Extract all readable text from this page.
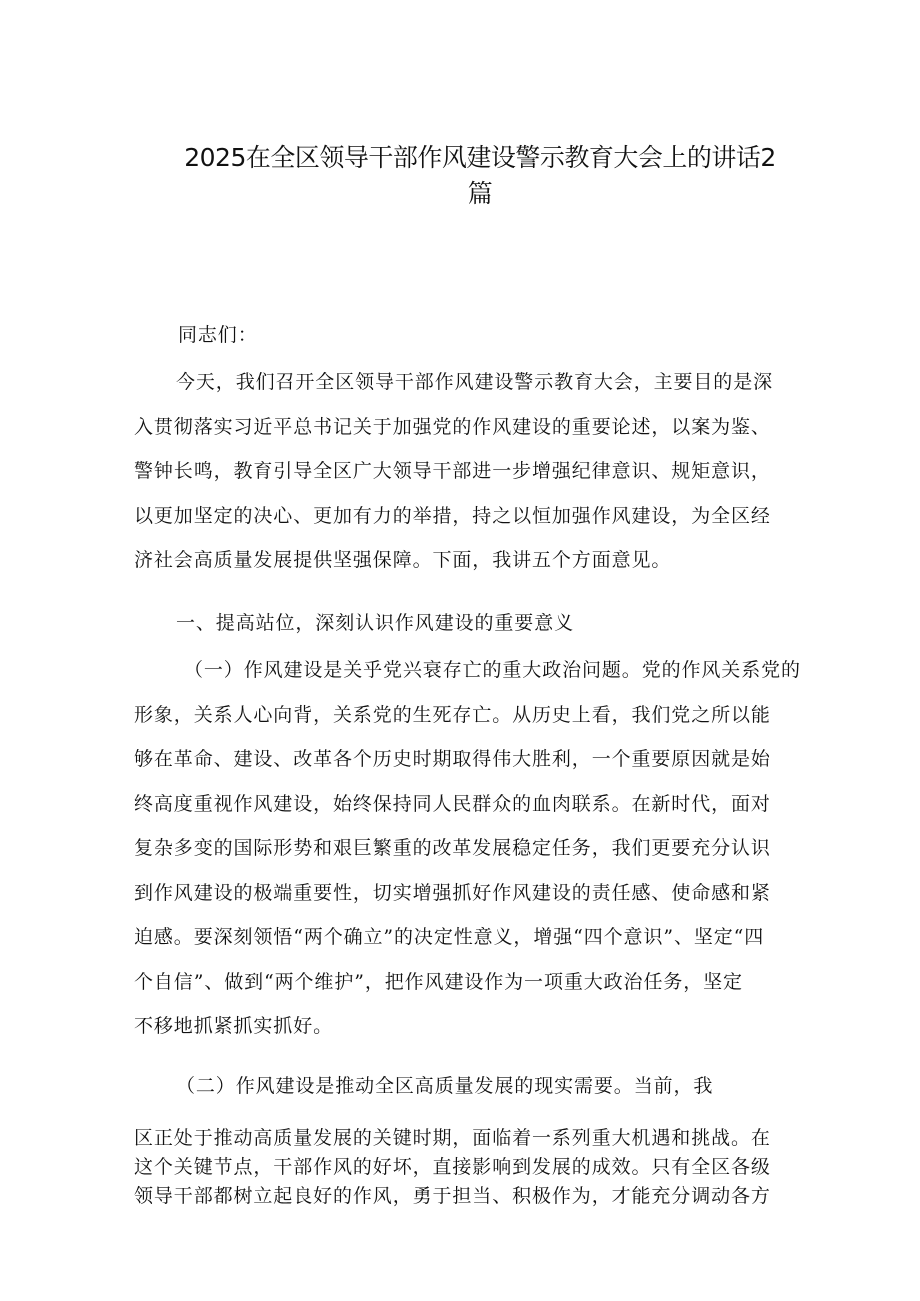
2025在全区领导干部作风建设警示教育大会上的讲话2
篇
同志们：
今天，我们召开全区领导干部作风建设警示教育大会，主要目的是深
入贯彻落实习近平总书记关于加强党的作风建设的重要论述，以案为鉴、
警钟长鸣，教育引导全区广大领导干部进一步增强纪律意识、规矩意识，
以更加坚定的决心、更加有力的举措，持之以恒加强作风建设，为全区经
济社会高质量发展提供坚强保障。下面，我讲五个方面意见。
一、提高站位，深刻认识作风建设的重要意义
（一）作风建设是关乎党兴衰存亡的重大政治问题。党的作风关系党的
形象，关系人心向背，关系党的生死存亡。从历史上看，我们党之所以能
够在革命、建设、改革各个历史时期取得伟大胜利，一个重要原因就是始
终高度重视作风建设，始终保持同人民群众的血肉联系。在新时代，面对
复杂多变的国际形势和艰巨繁重的改革发展稳定任务，我们更要充分认识
到作风建设的极端重要性，切实增强抓好作风建设的责任感、使命感和紧
迫感。要深刻领悟“两个确立”的决定性意义，增强“四个意识”、坚定“四
个自信”、做到“两个维护”，把作风建设作为一项重大政治任务，坚定
不移地抓紧抓实抓好。
（二）作风建设是推动全区高质量发展的现实需要。当前，我
区正处于推动高质量发展的关键时期，面临着一系列重大机遇和挑战。在
这个关键节点，干部作风的好坏，直接影响到发展的成效。只有全区各级
领导干部都树立起良好的作风，勇于担当、积极作为，才能充分调动各方
